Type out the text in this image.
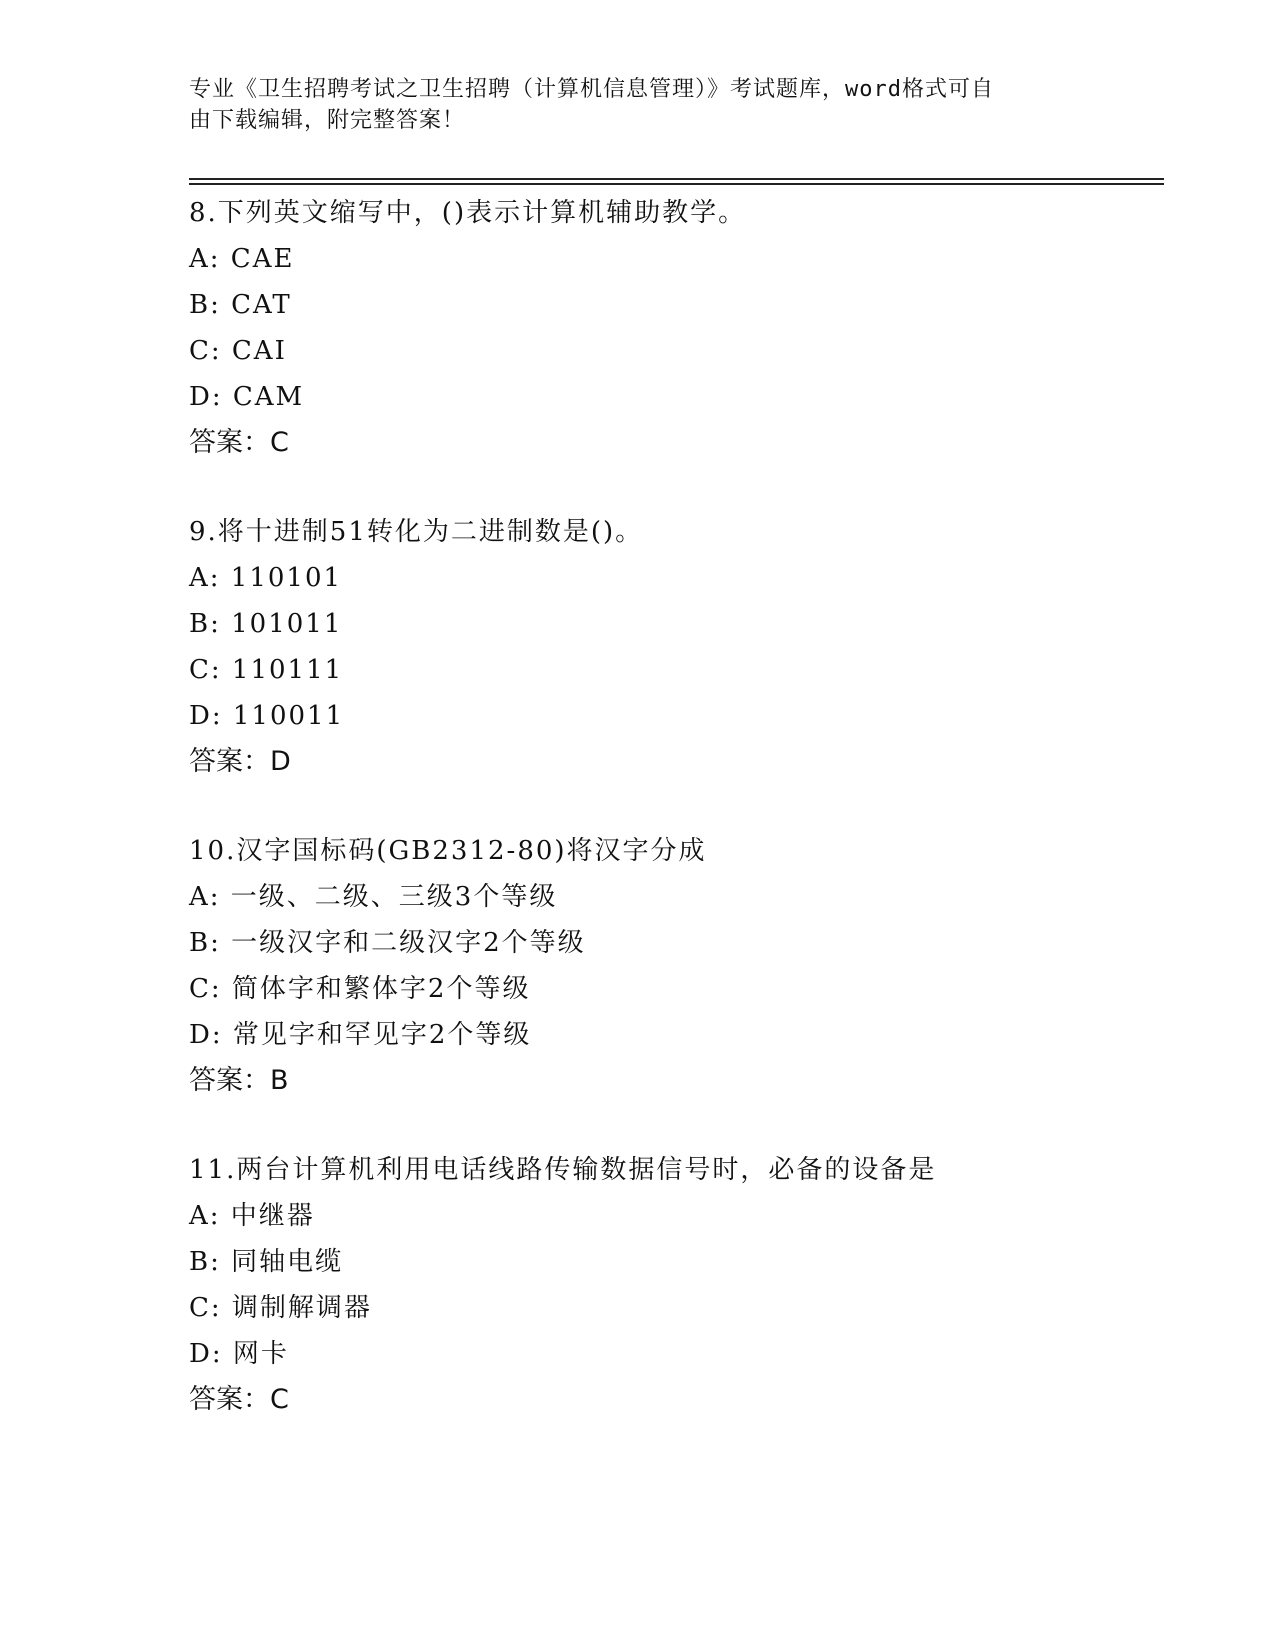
专业《卫生招聘考试之卫生招聘（计算机信息管理）》考试题库，word格式可自
由下载编辑，附完整答案！
8.下列英文缩写中，()表示计算机辅助教学。
A: CAE
B: CAT
C: CAI
D: CAM
答案：C
9.将十进制51转化为二进制数是()。
A: 110101
B: 101011
C: 110111
D: 110011
答案：D
10.汉字国标码(GB2312-80)将汉字分成
A: 一级、二级、三级3个等级
B: 一级汉字和二级汉字2个等级
C: 简体字和繁体字2个等级
D: 常见字和罕见字2个等级
答案：B
11.两台计算机利用电话线路传输数据信号时，必备的设备是
A: 中继器
B: 同轴电缆
C: 调制解调器
D: 网卡
答案：C
